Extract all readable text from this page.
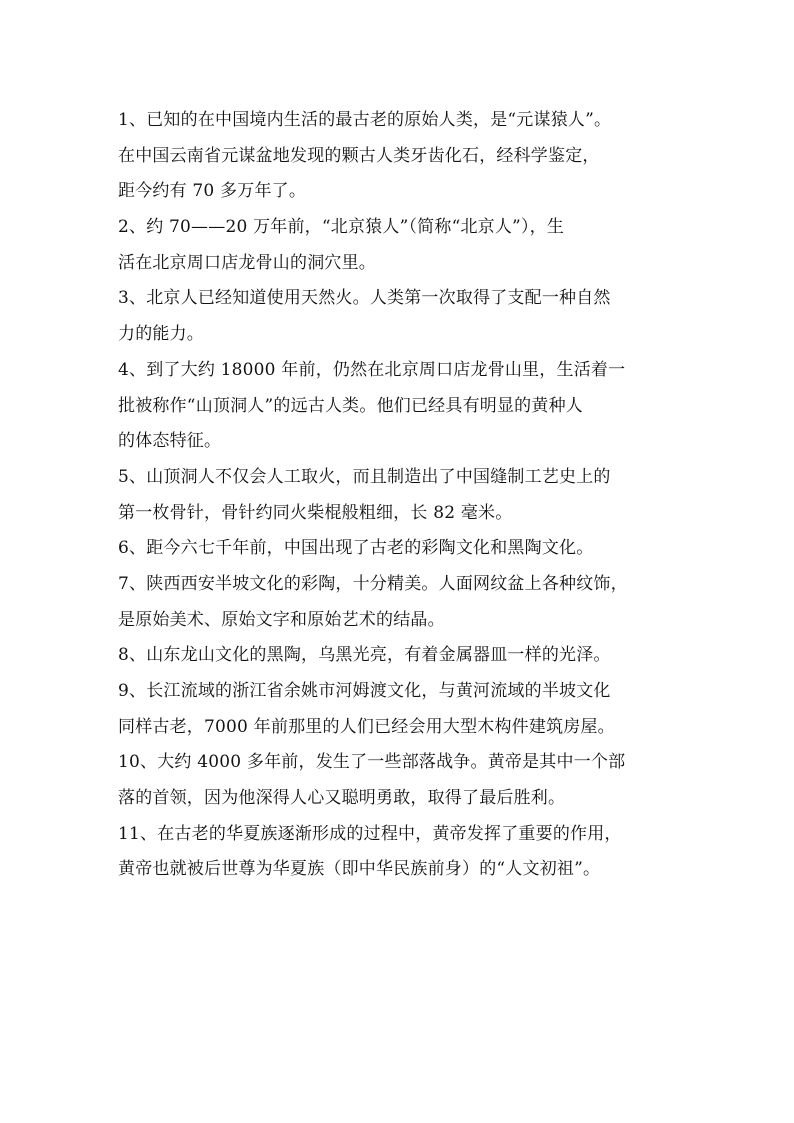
1、已知的在中国境内生活的最古老的原始人类，是“元谋猿人”。
在中国云南省元谋盆地发现的颗古人类牙齿化石，经科学鉴定，
距今约有 70 多万年了。
2、约 70——20 万年前，“北京猿人”（简称“北京人”），生
活在北京周口店龙骨山的洞穴里。
3、北京人已经知道使用天然火。人类第一次取得了支配一种自然
力的能力。
4、到了大约 18000 年前，仍然在北京周口店龙骨山里，生活着一
批被称作“山顶洞人”的远古人类。他们已经具有明显的黄种人
的体态特征。
5、山顶洞人不仅会人工取火，而且制造出了中国缝制工艺史上的
第一枚骨针，骨针约同火柴棍般粗细，长 82 毫米。
6、距今六七千年前，中国出现了古老的彩陶文化和黑陶文化。
7、陕西西安半坡文化的彩陶，十分精美。人面网纹盆上各种纹饰，
是原始美术、原始文字和原始艺术的结晶。
8、山东龙山文化的黑陶，乌黑光亮，有着金属器皿一样的光泽。
9、长江流域的浙江省余姚市河姆渡文化，与黄河流域的半坡文化
同样古老，7000 年前那里的人们已经会用大型木构件建筑房屋。
10、大约 4000 多年前，发生了一些部落战争。黄帝是其中一个部
落的首领，因为他深得人心又聪明勇敢，取得了最后胜利。
11、在古老的华夏族逐渐形成的过程中，黄帝发挥了重要的作用，
黄帝也就被后世尊为华夏族（即中华民族前身）的“人文初祖”。
